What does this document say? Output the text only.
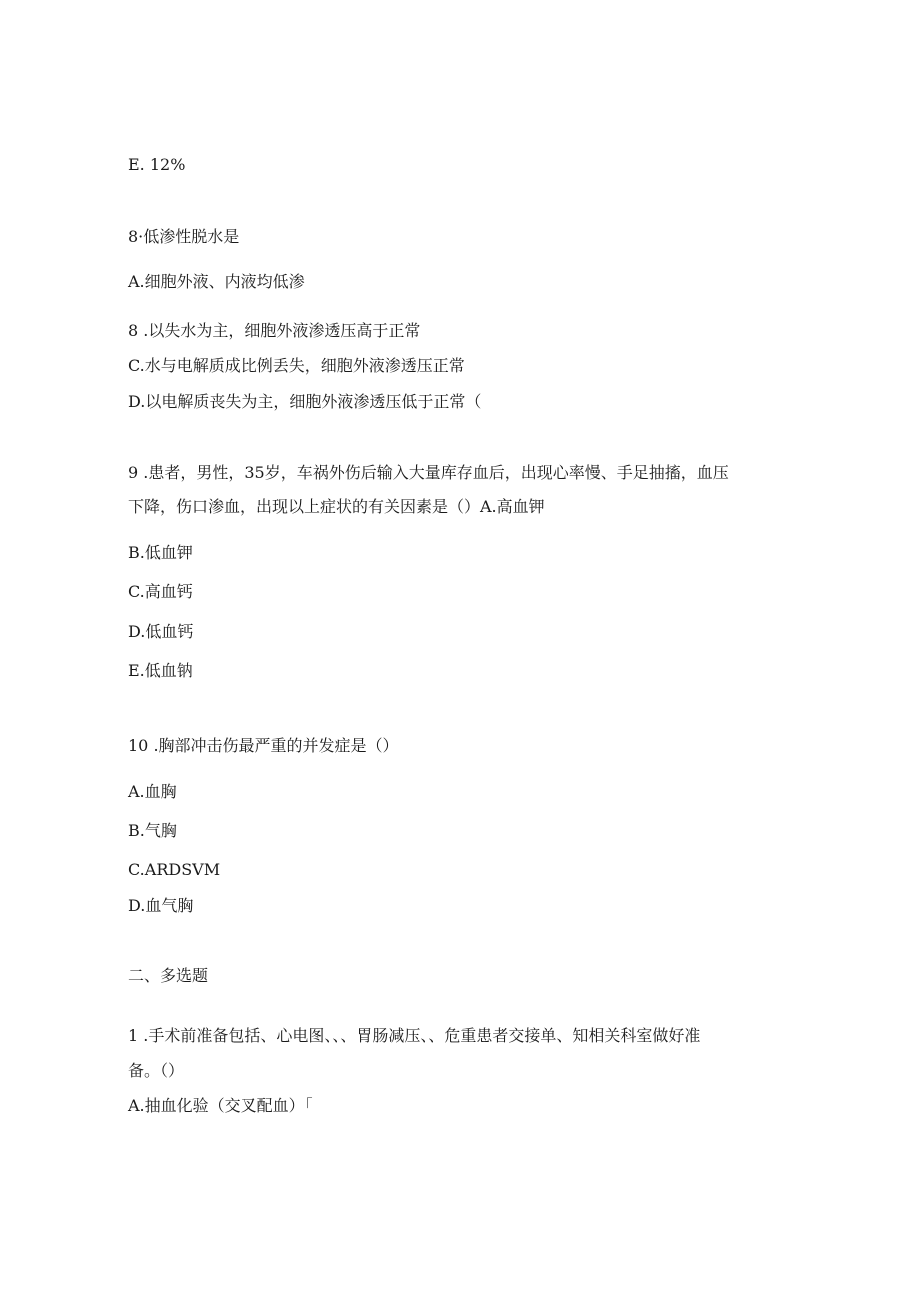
E. 12%
8·低渗性脱水是
A.细胞外液、内液均低渗
8 .以失水为主，细胞外液渗透压高于正常
C.水与电解质成比例丢失，细胞外液渗透压正常
D.以电解质丧失为主，细胞外液渗透压低于正常（
9 .患者，男性，35岁，车祸外伤后输入大量库存血后，出现心率慢、手足抽搐，血压
下降，伤口渗血，出现以上症状的有关因素是（）A.高血钾
B.低血钾
C.高血钙
D.低血钙
E.低血钠
10 .胸部冲击伤最严重的并发症是（）
A.血胸
B.气胸
C.ARDSVM
D.血气胸
二、多选题
1 .手术前准备包括、心电图、、、胃肠减压、、危重患者交接单、知相关科室做好准
备。（）
A.抽血化验（交叉配血）「
